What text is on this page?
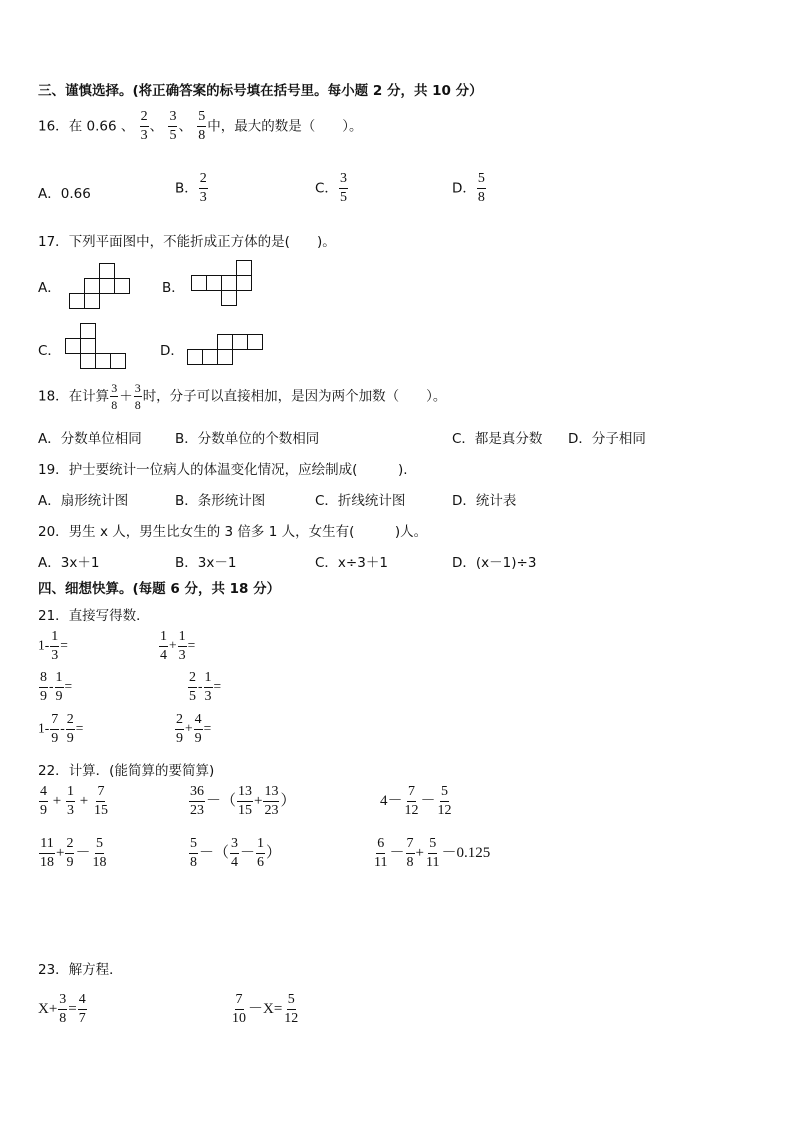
三、谨慎选择。(将正确答案的标号填在括号里。每小题 2 分，共 10 分）
16．在 0.66 、 $\frac{2}{3}$ 、 $\frac{3}{5}$ 、 $\frac{5}{8}$ 中，最大的数是（　　）。
A．0.66	B． $\frac{2}{3}$	C． $\frac{3}{5}$	D． $\frac{5}{8}$
17．下列平面图中，不能折成正方体的是(　　)。
A．	B．
C．	D．
18．在计算 $\frac{3}{8} + \frac{3}{8}$ 时，分子可以直接相加，是因为两个加数（　　）。
A．分数单位相同 B．分数单位的个数相同	C．都是真分数 D．分子相同
19．护士要统计一位病人的体温变化情况，应绘制成(　　　).
A．扇形统计图	B．条形统计图	C．折线统计图	D．统计表
20．男生 x 人，男生比女生的 3 倍多 1 人，女生有(　　　)人。
A．3x＋1	B．3x－1	C．x÷3＋1	D．(x－1)÷3
四、细想快算。(每题 6 分，共 18 分）
21．直接写得数．
$1- \frac{1}{3}$ =	$\frac{1}{4} + \frac{1}{3}$ =
$\frac{8}{9} - \frac{1}{9}$ =	$\frac{2}{5} - \frac{1}{3}$ =
$1- \frac{7}{9} - \frac{2}{9}$ =	$\frac{2}{9} + \frac{4}{9}$ =
22．计算．(能简算的要简算)
$\frac{4}{9} + \frac{1}{3} + \frac{7}{15}$	$\frac{36}{23}$ －（ $\frac{13}{15} + \frac{13}{23}$ ）	$4- \frac{7}{12} - \frac{5}{12}$
$\frac{11}{18} + \frac{2}{9} - \frac{5}{18}$	$\frac{5}{8}$ －（ $\frac{3}{4} - \frac{1}{6}$ ）	$\frac{6}{11} - \frac{7}{8} + \frac{5}{11} -0.125$
23．解方程．
$X+ \frac{3}{8} = \frac{4}{7}$	$\frac{7}{10} -X= \frac{5}{12}$
